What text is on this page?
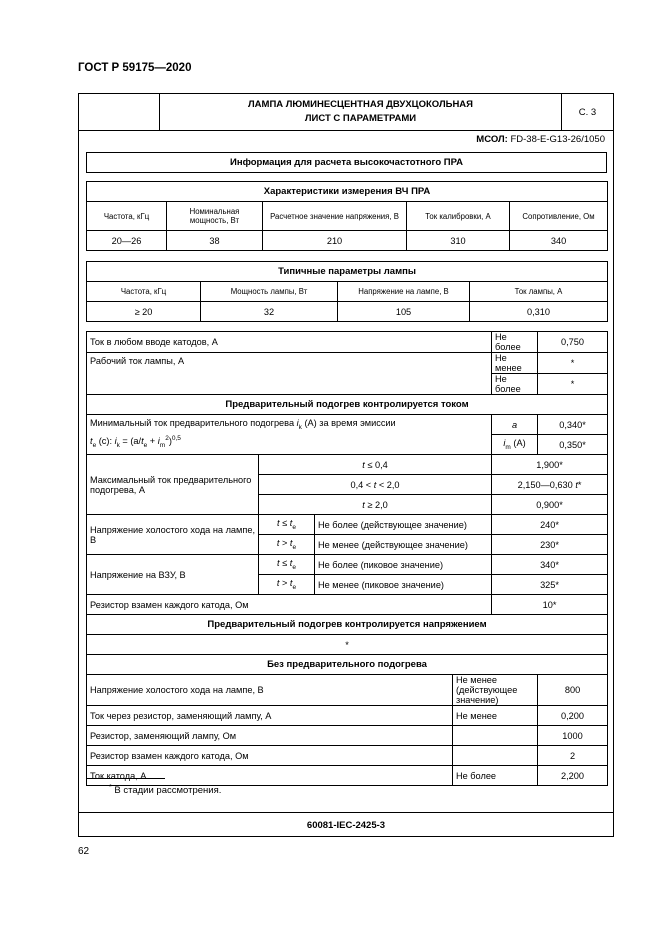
ГОСТ Р 59175—2020
ЛАМПА ЛЮМИНЕСЦЕНТНАЯ ДВУХЦОКОЛЬНАЯ
ЛИСТ С ПАРАМЕТРАМИ
С. 3
МСОЛ: FD-38-E-G13-26/1050
Информация для расчета высокочастотного ПРА
Характеристики измерения ВЧ ПРА				
Частота, кГц	Номинальная мощность, Вт	Расчетное значение напряжения, В	Ток калибровки, А	Сопротивление, Ом
20—26	38	210	310	340
Типичные параметры лампы			
Частота, кГц	Мощность лампы, Вт	Напряжение на лампе, В	Ток лампы, А
≥ 20	32	105	0,310
Ток в любом вводе катодов, А				Не более	0,750
Рабочий ток лампы, А				Не менее	*
				Не более	*
Предварительный подогрев контролируется током					
Минимальный ток предварительного подогрева $i_k$ (A) за время эмиссии
$t_e$ (c): $i_k = (a/t_e + i_m^2)^{0,5}$				a	0,340*
				$i_m$ (А)	0,350*
Максимальный ток предварительного подогрева, А	t ≤ 0,4			1,900*	
	0,4 < t < 2,0			2,150—0,630 t*	
	t ≥ 2,0			0,900*	
Напряжение холостого хода на лампе, В	$t \le t_e$	Не более (действующее значение)		240*	
	$t > t_e$	Не менее (действующее значение)		230*	
Напряжение на ВЗУ, В	$t \le t_e$	Не более (пиковое значение)		340*	
	$t > t_e$	Не менее (пиковое значение)		325*	
Резистор взамен каждого катода, Ом				10*	
Предварительный подогрев контролируется напряжением					
*					
Без предварительного подогрева					
Напряжение холостого хода на лампе, В			Не менее (действующее значение)		800
Ток через резистор, заменяющий лампу, А			Не менее		0,200
Резистор, заменяющий лампу, Ом					1000
Резистор взамен каждого катода, Ом					2
Ток катода, А			Не более		2,200
* В стадии рассмотрения.
60081-IEC-2425-3
62
